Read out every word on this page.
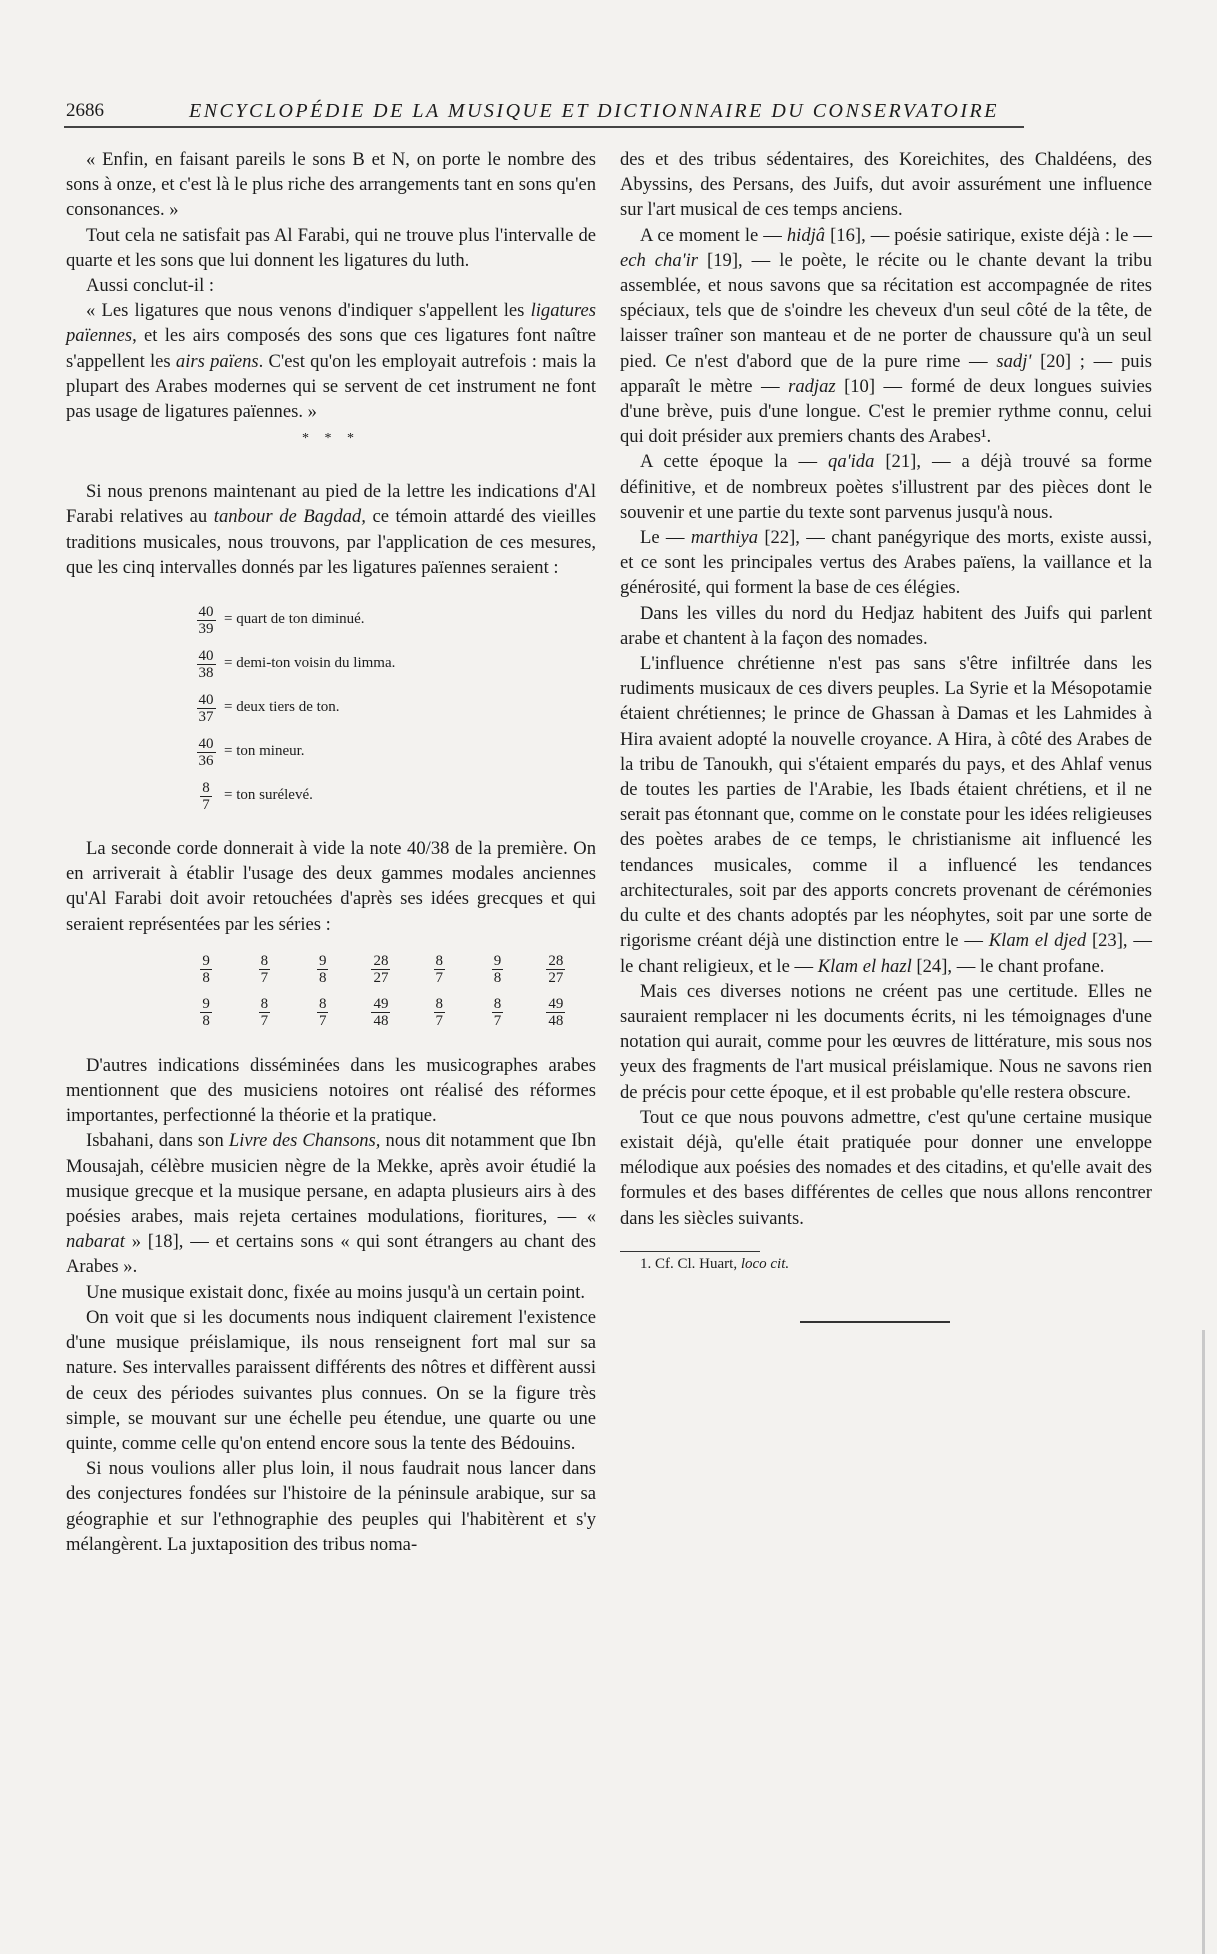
2686	ENCYCLOPÉDIE DE LA MUSIQUE ET DICTIONNAIRE DU CONSERVATOIRE

« Enfin, en faisant pareils le sons B et N, on porte le nombre des sons à onze, et c'est là le plus riche des arrangements tant en sons qu'en consonances. »

Tout cela ne satisfait pas Al Farabi, qui ne trouve plus l'intervalle de quarte et les sons que lui donnent les ligatures du luth.

Aussi conclut-il :

« Les ligatures que nous venons d'indiquer s'appellent les ligatures païennes, et les airs composés des sons que ces ligatures font naître s'appellent les airs païens. C'est qu'on les employait autrefois : mais la plupart des Arabes modernes qui se servent de cet instrument ne font pas usage de ligatures païennes. »

* * *

Si nous prenons maintenant au pied de la lettre les indications d'Al Farabi relatives au tanbour de Bagdad, ce témoin attardé des vieilles traditions musicales, nous trouvons, par l'application de ces mesures, que les cinq intervalles donnés par les ligatures païennes seraient :

$\frac{40}{39}$ = quart de ton diminué.
$\frac{40}{38}$ = demi-ton voisin du limma.
$\frac{40}{37}$ = deux tiers de ton.
$\frac{40}{36}$ = ton mineur.
$\frac{8}{7}$ = ton surélevé.

La seconde corde donnerait à vide la note 40/38 de la première. On en arriverait à établir l'usage des deux gammes modales anciennes qu'Al Farabi doit avoir retouchées d'après ses idées grecques et qui seraient représentées par les séries :

$\frac{9}{8} \frac{8}{7} \frac{9}{8} \frac{28}{27} \frac{8}{7} \frac{9}{8} \frac{28}{27}$
$\frac{9}{8} \frac{8}{7} \frac{8}{7} \frac{49}{48} \frac{8}{7} \frac{8}{7} \frac{49}{48}$

D'autres indications disséminées dans les musicographes arabes mentionnent que des musiciens notoires ont réalisé des réformes importantes, perfectionné la théorie et la pratique.

Isbahani, dans son Livre des Chansons, nous dit notamment que Ibn Mousajah, célèbre musicien nègre de la Mekke, après avoir étudié la musique grecque et la musique persane, en adapta plusieurs airs à des poésies arabes, mais rejeta certaines modulations, fioritures, — « nabarat » [18], — et certains sons « qui sont étrangers au chant des Arabes ».

Une musique existait donc, fixée au moins jusqu'à un certain point.

On voit que si les documents nous indiquent clairement l'existence d'une musique préislamique, ils nous renseignent fort mal sur sa nature. Ses intervalles paraissent différents des nôtres et diffèrent aussi de ceux des périodes suivantes plus connues. On se la figure très simple, se mouvant sur une échelle peu étendue, une quarte ou une quinte, comme celle qu'on entend encore sous la tente des Bédouins.

Si nous voulions aller plus loin, il nous faudrait nous lancer dans des conjectures fondées sur l'histoire de la péninsule arabique, sur sa géographie et sur l'ethnographie des peuples qui l'habitèrent et s'y mélangèrent. La juxtaposition des tribus noma-

des et des tribus sédentaires, des Koreichites, des Chaldéens, des Abyssins, des Persans, des Juifs, dut avoir assurément une influence sur l'art musical de ces temps anciens.

A ce moment le — hidjâ [16], — poésie satirique, existe déjà : le — ech cha'ir [19], — le poète, le récite ou le chante devant la tribu assemblée, et nous savons que sa récitation est accompagnée de rites spéciaux, tels que de s'oindre les cheveux d'un seul côté de la tête, de laisser traîner son manteau et de ne porter de chaussure qu'à un seul pied. Ce n'est d'abord que de la pure rime — sadj' [20] ; — puis apparaît le mètre — radjaz [10] — formé de deux longues suivies d'une brève, puis d'une longue. C'est le premier rythme connu, celui qui doit présider aux premiers chants des Arabes¹.

A cette époque la — qa'ida [21], — a déjà trouvé sa forme définitive, et de nombreux poètes s'illustrent par des pièces dont le souvenir et une partie du texte sont parvenus jusqu'à nous.

Le — marthiya [22], — chant panégyrique des morts, existe aussi, et ce sont les principales vertus des Arabes païens, la vaillance et la générosité, qui forment la base de ces élégies.

Dans les villes du nord du Hedjaz habitent des Juifs qui parlent arabe et chantent à la façon des nomades.

L'influence chrétienne n'est pas sans s'être infiltrée dans les rudiments musicaux de ces divers peuples. La Syrie et la Mésopotamie étaient chrétiennes; le prince de Ghassan à Damas et les Lahmides à Hira avaient adopté la nouvelle croyance. A Hira, à côté des Arabes de la tribu de Tanoukh, qui s'étaient emparés du pays, et des Ahlaf venus de toutes les parties de l'Arabie, les Ibads étaient chrétiens, et il ne serait pas étonnant que, comme on le constate pour les idées religieuses des poètes arabes de ce temps, le christianisme ait influencé les tendances musicales, comme il a influencé les tendances architecturales, soit par des apports concrets provenant de cérémonies du culte et des chants adoptés par les néophytes, soit par une sorte de rigorisme créant déjà une distinction entre le — Klam el djed [23], — le chant religieux, et le — Klam el hazl [24], — le chant profane.

Mais ces diverses notions ne créent pas une certitude. Elles ne sauraient remplacer ni les documents écrits, ni les témoignages d'une notation qui aurait, comme pour les œuvres de littérature, mis sous nos yeux des fragments de l'art musical préislamique. Nous ne savons rien de précis pour cette époque, et il est probable qu'elle restera obscure.

Tout ce que nous pouvons admettre, c'est qu'une certaine musique existait déjà, qu'elle était pratiquée pour donner une enveloppe mélodique aux poésies des nomades et des citadins, et qu'elle avait des formules et des bases différentes de celles que nous allons rencontrer dans les siècles suivants.

1. Cf. Cl. Huart, loco cit.
